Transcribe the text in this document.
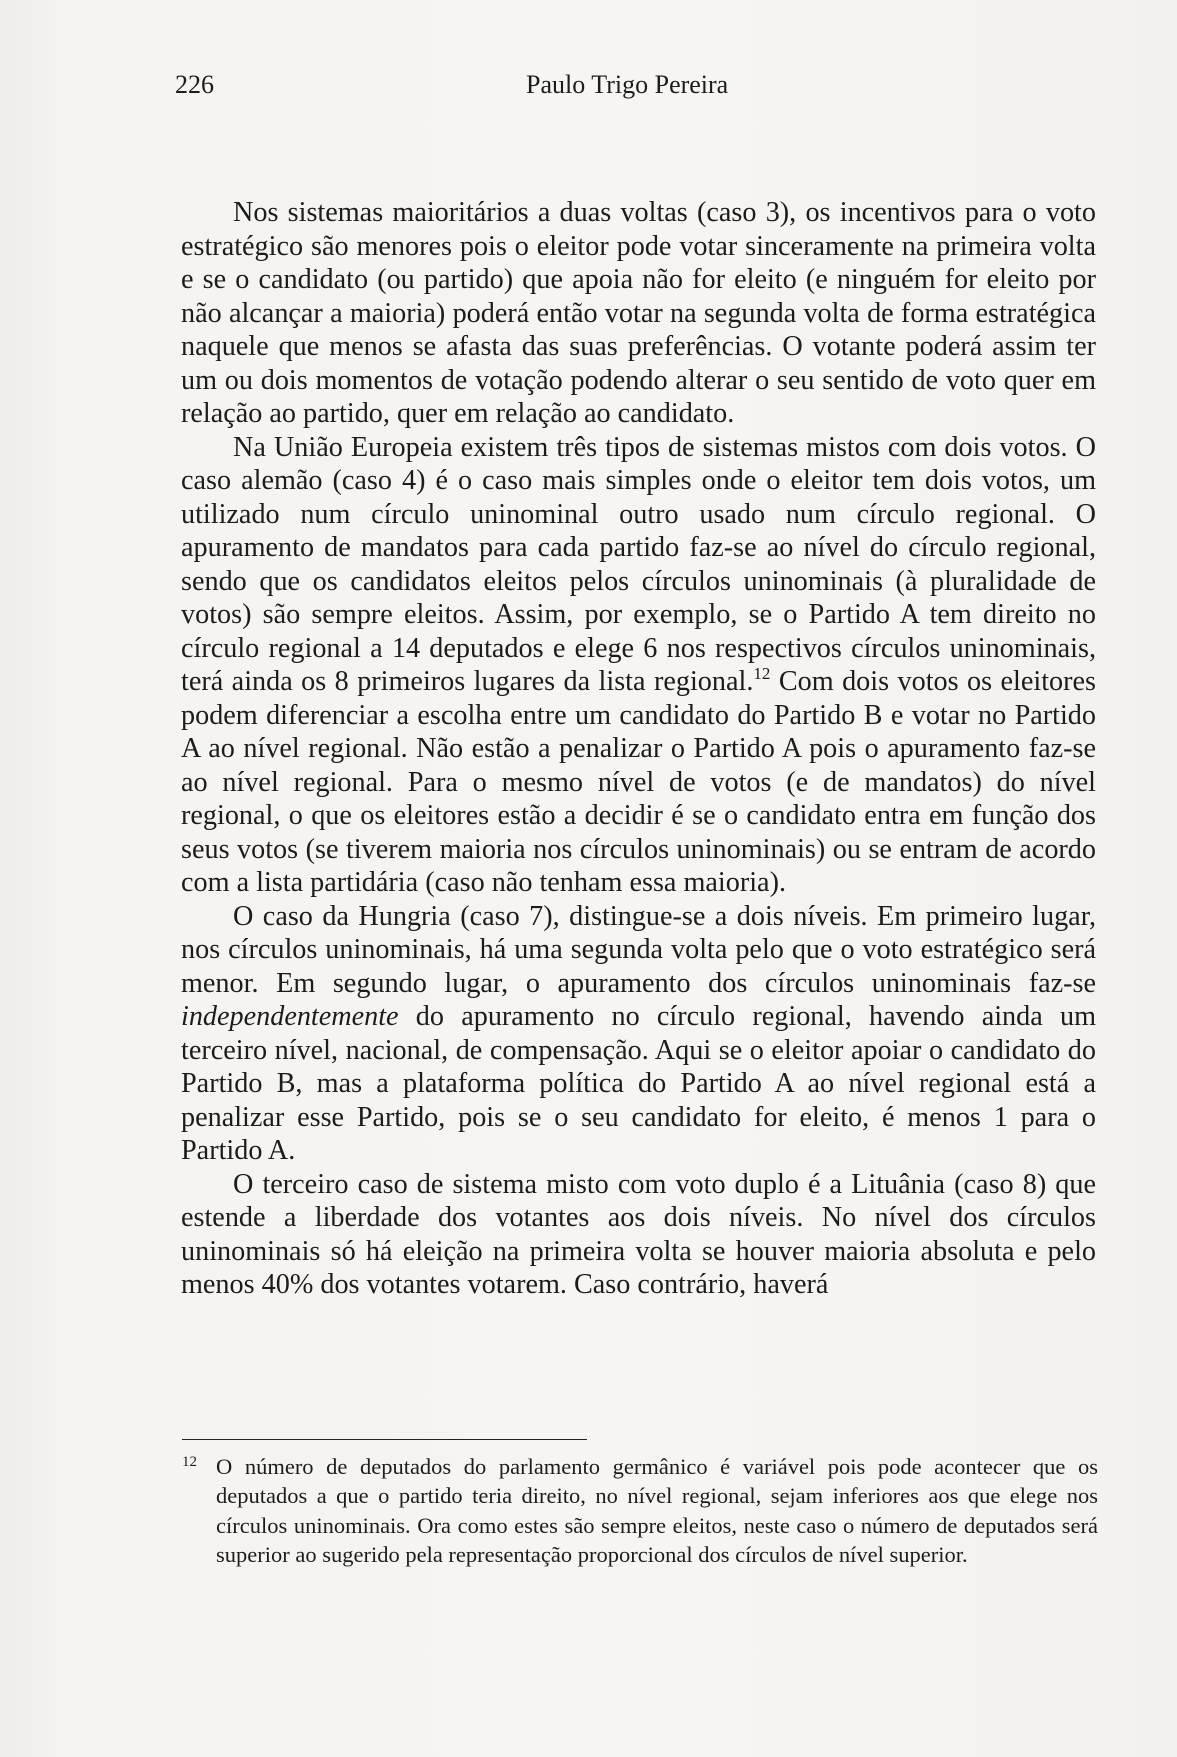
226	Paulo Trigo Pereira

Nos sistemas maioritários a duas voltas (caso 3), os incentivos para o voto estratégico são menores pois o eleitor pode votar sinceramente na primeira volta e se o candidato (ou partido) que apoia não for eleito (e ninguém for eleito por não alcançar a maioria) poderá então votar na segunda volta de forma estratégica naquele que menos se afasta das suas preferências. O votante poderá assim ter um ou dois momentos de votação podendo alterar o seu sentido de voto quer em relação ao partido, quer em relação ao candidato.

Na União Europeia existem três tipos de sistemas mistos com dois votos. O caso alemão (caso 4) é o caso mais simples onde o eleitor tem dois votos, um utilizado num círculo uninominal outro usado num círculo regional. O apuramento de mandatos para cada partido faz-se ao nível do círculo regional, sendo que os candidatos eleitos pelos círculos uninominais (à pluralidade de votos) são sempre eleitos. Assim, por exemplo, se o Partido A tem direito no círculo regional a 14 deputados e elege 6 nos respectivos círculos uninominais, terá ainda os 8 primeiros lugares da lista regional.$^{12}$ Com dois votos os eleitores podem diferenciar a escolha entre um candidato do Partido B e votar no Partido A ao nível regional. Não estão a penalizar o Partido A pois o apuramento faz-se ao nível regional. Para o mesmo nível de votos (e de mandatos) do nível regional, o que os eleitores estão a decidir é se o candidato entra em função dos seus votos (se tiverem maioria nos círculos uninominais) ou se entram de acordo com a lista partidária (caso não tenham essa maioria).

O caso da Hungria (caso 7), distingue-se a dois níveis. Em primeiro lugar, nos círculos uninominais, há uma segunda volta pelo que o voto estratégico será menor. Em segundo lugar, o apuramento dos círculos uninominais faz-se independentemente do apuramento no círculo regional, havendo ainda um terceiro nível, nacional, de compensação. Aqui se o eleitor apoiar o candidato do Partido B, mas a plataforma política do Partido A ao nível regional está a penalizar esse Partido, pois se o seu candidato for eleito, é menos 1 para o Partido A.

O terceiro caso de sistema misto com voto duplo é a Lituânia (caso 8) que estende a liberdade dos votantes aos dois níveis. No nível dos círculos uninominais só há eleição na primeira volta se houver maioria absoluta e pelo menos 40% dos votantes votarem. Caso contrário, haverá

12 O número de deputados do parlamento germânico é variável pois pode acontecer que os deputados a que o partido teria direito, no nível regional, sejam inferiores aos que elege nos círculos uninominais. Ora como estes são sempre eleitos, neste caso o número de deputados será superior ao sugerido pela representação proporcional dos círculos de nível superior.
